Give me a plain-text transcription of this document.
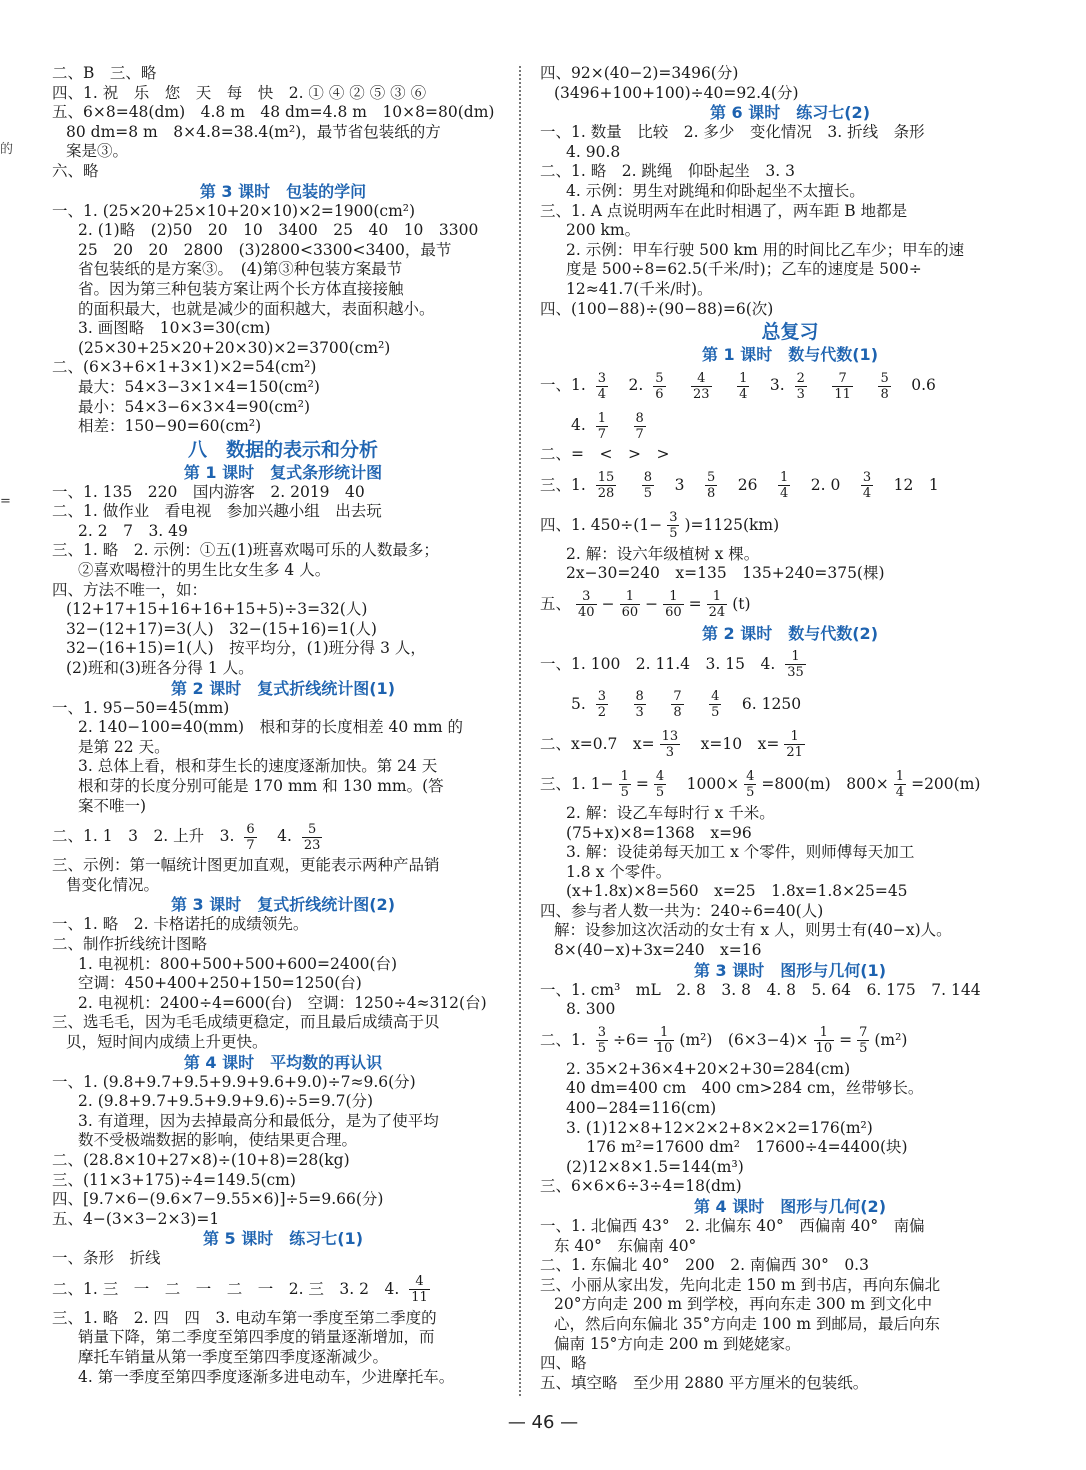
的
=
二、B　三、略
四、1. 祝　乐　您　天　每　快　2. ① ④ ② ⑤ ③ ⑥
五、6×8=48(dm)　4.8 m　48 dm=4.8 m　10×8=80(dm)
80 dm=8 m　8×4.8=38.4(m²)，最节省包装纸的方
案是③。
六、略
第 3 课时　包装的学问
一、1. (25×20+25×10+20×10)×2=1900(cm²)
2. (1)略　(2)50　20　10　3400　25　40　10　3300
25　20　20　2800　(3)2800<3300<3400，最节
省包装纸的是方案③。　(4)第③种包装方案最节
省。因为第三种包装方案让两个长方体直接接触
的面积最大，也就是减少的面积越大，表面积越小。
3. 画图略　10×3=30(cm)
(25×30+25×20+20×30)×2=3700(cm²)
二、(6×3+6×1+3×1)×2=54(cm²)
最大：54×3−3×1×4=150(cm²)
最小：54×3−6×3×4=90(cm²)
相差：150−90=60(cm²)
八　数据的表示和分析
第 1 课时　复式条形统计图
一、1. 135　220　国内游客　2. 2019　40
二、1. 做作业　看电视　参加兴趣小组　出去玩
2. 2　7　3. 49
三、1. 略　2. 示例：①五(1)班喜欢喝可乐的人数最多；
②喜欢喝橙汁的男生比女生多 4 人。
四、方法不唯一，如：
(12+17+15+16+16+15+5)÷3=32(人)
32−(12+17)=3(人)　32−(15+16)=1(人)
32−(16+15)=1(人)　按平均分，(1)班分得 3 人，
(2)班和(3)班各分得 1 人。
第 2 课时　复式折线统计图(1)
一、1. 95−50=45(mm)
2. 140−100=40(mm)　根和芽的长度相差 40 mm 的
是第 22 天。
3. 总体上看，根和芽生长的速度逐渐加快。第 24 天
根和芽的长度分别可能是 170 mm 和 130 mm。(答
案不唯一)
二、1. 1　3　2. 上升　3. $\frac{6}{7}$ 　4. $\frac{5}{23}$
三、示例：第一幅统计图更加直观，更能表示两种产品销
售变化情况。
第 3 课时　复式折线统计图(2)
一、1. 略　2. 卡格诺托的成绩领先。
二、制作折线统计图略
1. 电视机：800+500+500+600=2400(台)
空调：450+400+250+150=1250(台)
2. 电视机：2400÷4=600(台)　空调：1250÷4≈312(台)
三、选毛毛，因为毛毛成绩更稳定，而且最后成绩高于贝
贝，短时间内成绩上升更快。
第 4 课时　平均数的再认识
一、1. (9.8+9.7+9.5+9.9+9.6+9.0)÷7≈9.6(分)
2. (9.8+9.7+9.5+9.9+9.6)÷5=9.7(分)
3. 有道理，因为去掉最高分和最低分，是为了使平均
数不受极端数据的影响，使结果更合理。
二、(28.8×10+27×8)÷(10+8)=28(kg)
三、(11×3+175)÷4=149.5(cm)
四、[9.7×6−(9.6×7−9.55×6)]÷5=9.66(分)
五、4−(3×3−2×3)=1
第 5 课时　练习七(1)
一、条形　折线
二、1. 三　一　二　一　二　一　2. 三　3. 2　4. $\frac{4}{11}$
三、1. 略　2. 四　四　3. 电动车第一季度至第二季度的
销量下降，第二季度至第四季度的销量逐渐增加，而
摩托车销量从第一季度至第四季度逐渐减少。
4. 第一季度至第四季度逐渐多进电动车，少进摩托车。
四、92×(40−2)=3496(分)
(3496+100+100)÷40=92.4(分)
第 6 课时　练习七(2)
一、1. 数量　比较　2. 多少　变化情况　3. 折线　条形
4. 90.8
二、1. 略　2. 跳绳　仰卧起坐　3. 3
4. 示例：男生对跳绳和仰卧起坐不太擅长。
三、1. A 点说明两车在此时相遇了，两车距 B 地都是
200 km。
2. 示例：甲车行驶 500 km 用的时间比乙车少；甲车的速
度是 500÷8=62.5(千米/时)；乙车的速度是 500÷
12≈41.7(千米/时)。
四、(100−88)÷(90−88)=6(次)
总复习
第 1 课时　数与代数(1)
一、1. $\frac{3}{4}$ 　2. $\frac{5}{6}$
　 $\frac{4}{23}$
　 $\frac{1}{4}$ 　3. $\frac{2}{3}$
　 $\frac{7}{11}$
　 $\frac{5}{8}$ 　0.6
　　4. $\frac{1}{7}$
　 $\frac{8}{7}$
二、=　<　>　>
三、1. $\frac{15}{28}$
　 $\frac{8}{5}$ 　3　 $\frac{5}{8}$ 　26　 $\frac{1}{4}$ 　2. 0　 $\frac{3}{4}$ 　12　1
四、1. $450\div(1- \frac{3}{5} )=1125(km)$
2. 解：设六年级植树 x 棵。
2x−30=240　x=135　135+240=375(棵)
五、 $\frac{3}{40} - \frac{1}{60} - \frac{1}{60} = \frac{1}{24} (t)$
第 2 课时　数与代数(2)
一、1. 100　2. 11.4　3. 15　4. $\frac{1}{35}$
　　5. $\frac{3}{2}$
　 $\frac{8}{3}$
　 $\frac{7}{8}$
　 $\frac{4}{5}$ 　6. 1250
二、x=0.7　$x= \frac{13}{3}$ 　x=10　$x= \frac{1}{21}$
三、1. $1- \frac{1}{5} = \frac{4}{5}$ 　$1000\times \frac{4}{5} =800(m)$　$800\times \frac{1}{4} =200(m)$
2. 解：设乙车每时行 x 千米。
(75+x)×8=1368　x=96
3. 解：设徒弟每天加工 x 个零件，则师傅每天加工
1.8 x 个零件。
(x+1.8x)×8=560　x=25　1.8x=1.8×25=45
四、参与者人数一共为：240÷6=40(人)
解：设参加这次活动的女士有 x 人，则男士有(40−x)人。
8×(40−x)+3x=240　x=16
第 3 课时　图形与几何(1)
一、1. cm³　mL　2. 8　3. 8　4. 8　5. 64　6. 175　7. 144
8. 300
二、1. $\frac{3}{5} \div 6= \frac{1}{10} (m^2)$　$(6\times 3-4)\times \frac{1}{10} = \frac{7}{5} (m^2)$
2. 35×2+36×4+20×2+30=284(cm)
40 dm=400 cm　400 cm>284 cm，丝带够长。
400−284=116(cm)
3. (1)12×8+12×2×2+8×2×2=176(m²)
　 176 m²=17600 dm²　17600÷4=4400(块)
(2)12×8×1.5=144(m³)
三、6×6×6÷3÷4=18(dm)
第 4 课时　图形与几何(2)
一、1. 北偏西 43°　2. 北偏东 40°　西偏南 40°　南偏
东 40°　东偏南 40°
二、1. 东偏北 40°　200　2. 南偏西 30°　0.3
三、小丽从家出发，先向北走 150 m 到书店，再向东偏北
20°方向走 200 m 到学校，再向东走 300 m 到文化中
心，然后向东偏北 35°方向走 100 m 到邮局，最后向东
偏南 15°方向走 200 m 到姥姥家。
四、略
五、填空略　至少用 2880 平方厘米的包装纸。
— 46 —
